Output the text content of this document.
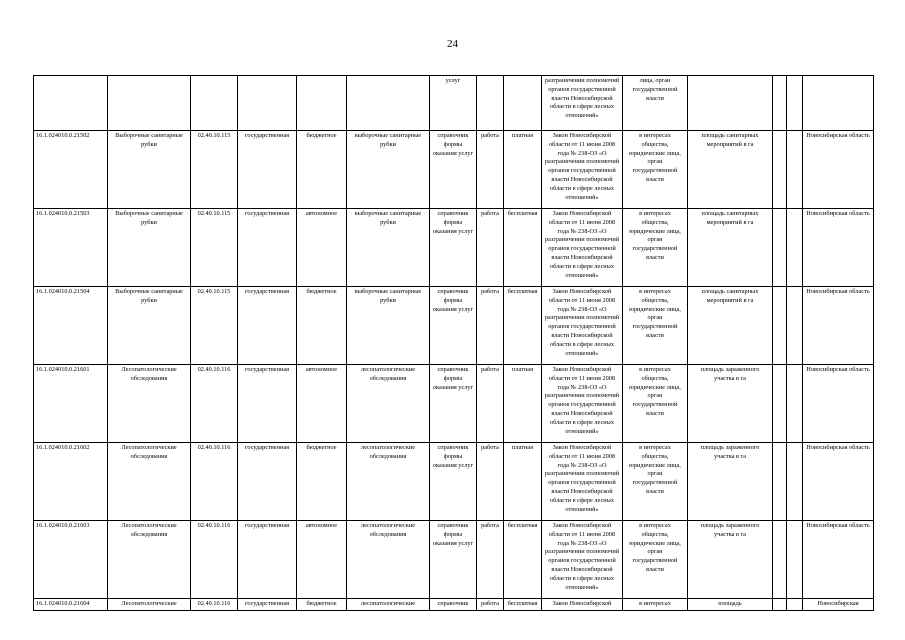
24
						услуг			разграничении полномочий органов государственной власти Новосибирской области в сфере лесных отношений»	лица, орган государственной власти				
16.1.024010.0.21502	Выборочные санитарные рубки	02.40.10.115	государственная	бюджетное	выборочные санитарные рубки	справочник формы оказания услуг	работа	платная	Закон Новосибирской области от 11 июня 2008 года № 238-ОЗ «О разграничении полномочий органов государственной власти Новосибирской области в сфере лесных отношений»	в интересах общества, юридические лица, орган государственной власти	площадь санитарных мероприятий в га			Новосибирская область
16.1.024010.0.21503	Выборочные санитарные рубки	02.40.10.115	государственная	автономное	выборочные санитарные рубки	справочник формы оказания услуг	работа	бесплатная	Закон Новосибирской области от 11 июня 2008 года № 238-ОЗ «О разграничении полномочий органов государственной власти Новосибирской области в сфере лесных отношений»	в интересах общества, юридические лица, орган государственной власти	площадь санитарных мероприятий в га			Новосибирская область
16.1.024010.0.21504	Выборочные санитарные рубки	02.40.10.115	государственная	бюджетное	выборочные санитарные рубки	справочник формы оказания услуг	работа	бесплатная	Закон Новосибирской области от 11 июня 2008 года № 238-ОЗ «О разграничении полномочий органов государственной власти Новосибирской области в сфере лесных отношений»	в интересах общества, юридические лица, орган государственной власти	площадь санитарных мероприятий в га			Новосибирская область
16.1.024010.0.21601	Лесопатологические обследования	02.40.10.116	государственная	автономное	лесопатологические обследования	справочник формы оказания услуг	работа	платная	Закон Новосибирской области от 11 июня 2008 года № 238-ОЗ «О разграничении полномочий органов государственной власти Новосибирской области в сфере лесных отношений»	в интересах общества, юридические лица, орган государственной власти	площадь зараженного участка в га			Новосибирская область
16.1.024010.0.21602	Лесопатологические обследования	02.40.10.116	государственная	бюджетное	лесопатологические обследования	справочник формы оказания услуг	работа	платная	Закон Новосибирской области от 11 июня 2008 года № 238-ОЗ «О разграничении полномочий органов государственной власти Новосибирской области в сфере лесных отношений»	в интересах общества, юридические лица, орган государственной власти	площадь зараженного участка в га			Новосибирская область
16.1.024010.0.21603	Лесопатологические обследования	02.40.10.116	государственная	автономное	лесопатологические обследования	справочник формы оказания услуг	работа	бесплатная	Закон Новосибирской области от 11 июня 2008 года № 238-ОЗ «О разграничении полномочий органов государственной власти Новосибирской области в сфере лесных отношений»	в интересах общества, юридические лица, орган государственной власти	площадь зараженного участка в га			Новосибирская область
16.1.024010.0.21604	Лесопатологические	02.40.10.116	государственная	бюджетное	лесопатологические	справочник	работа	бесплатная	Закон Новосибирской	в интересах	площадь			Новосибирская
